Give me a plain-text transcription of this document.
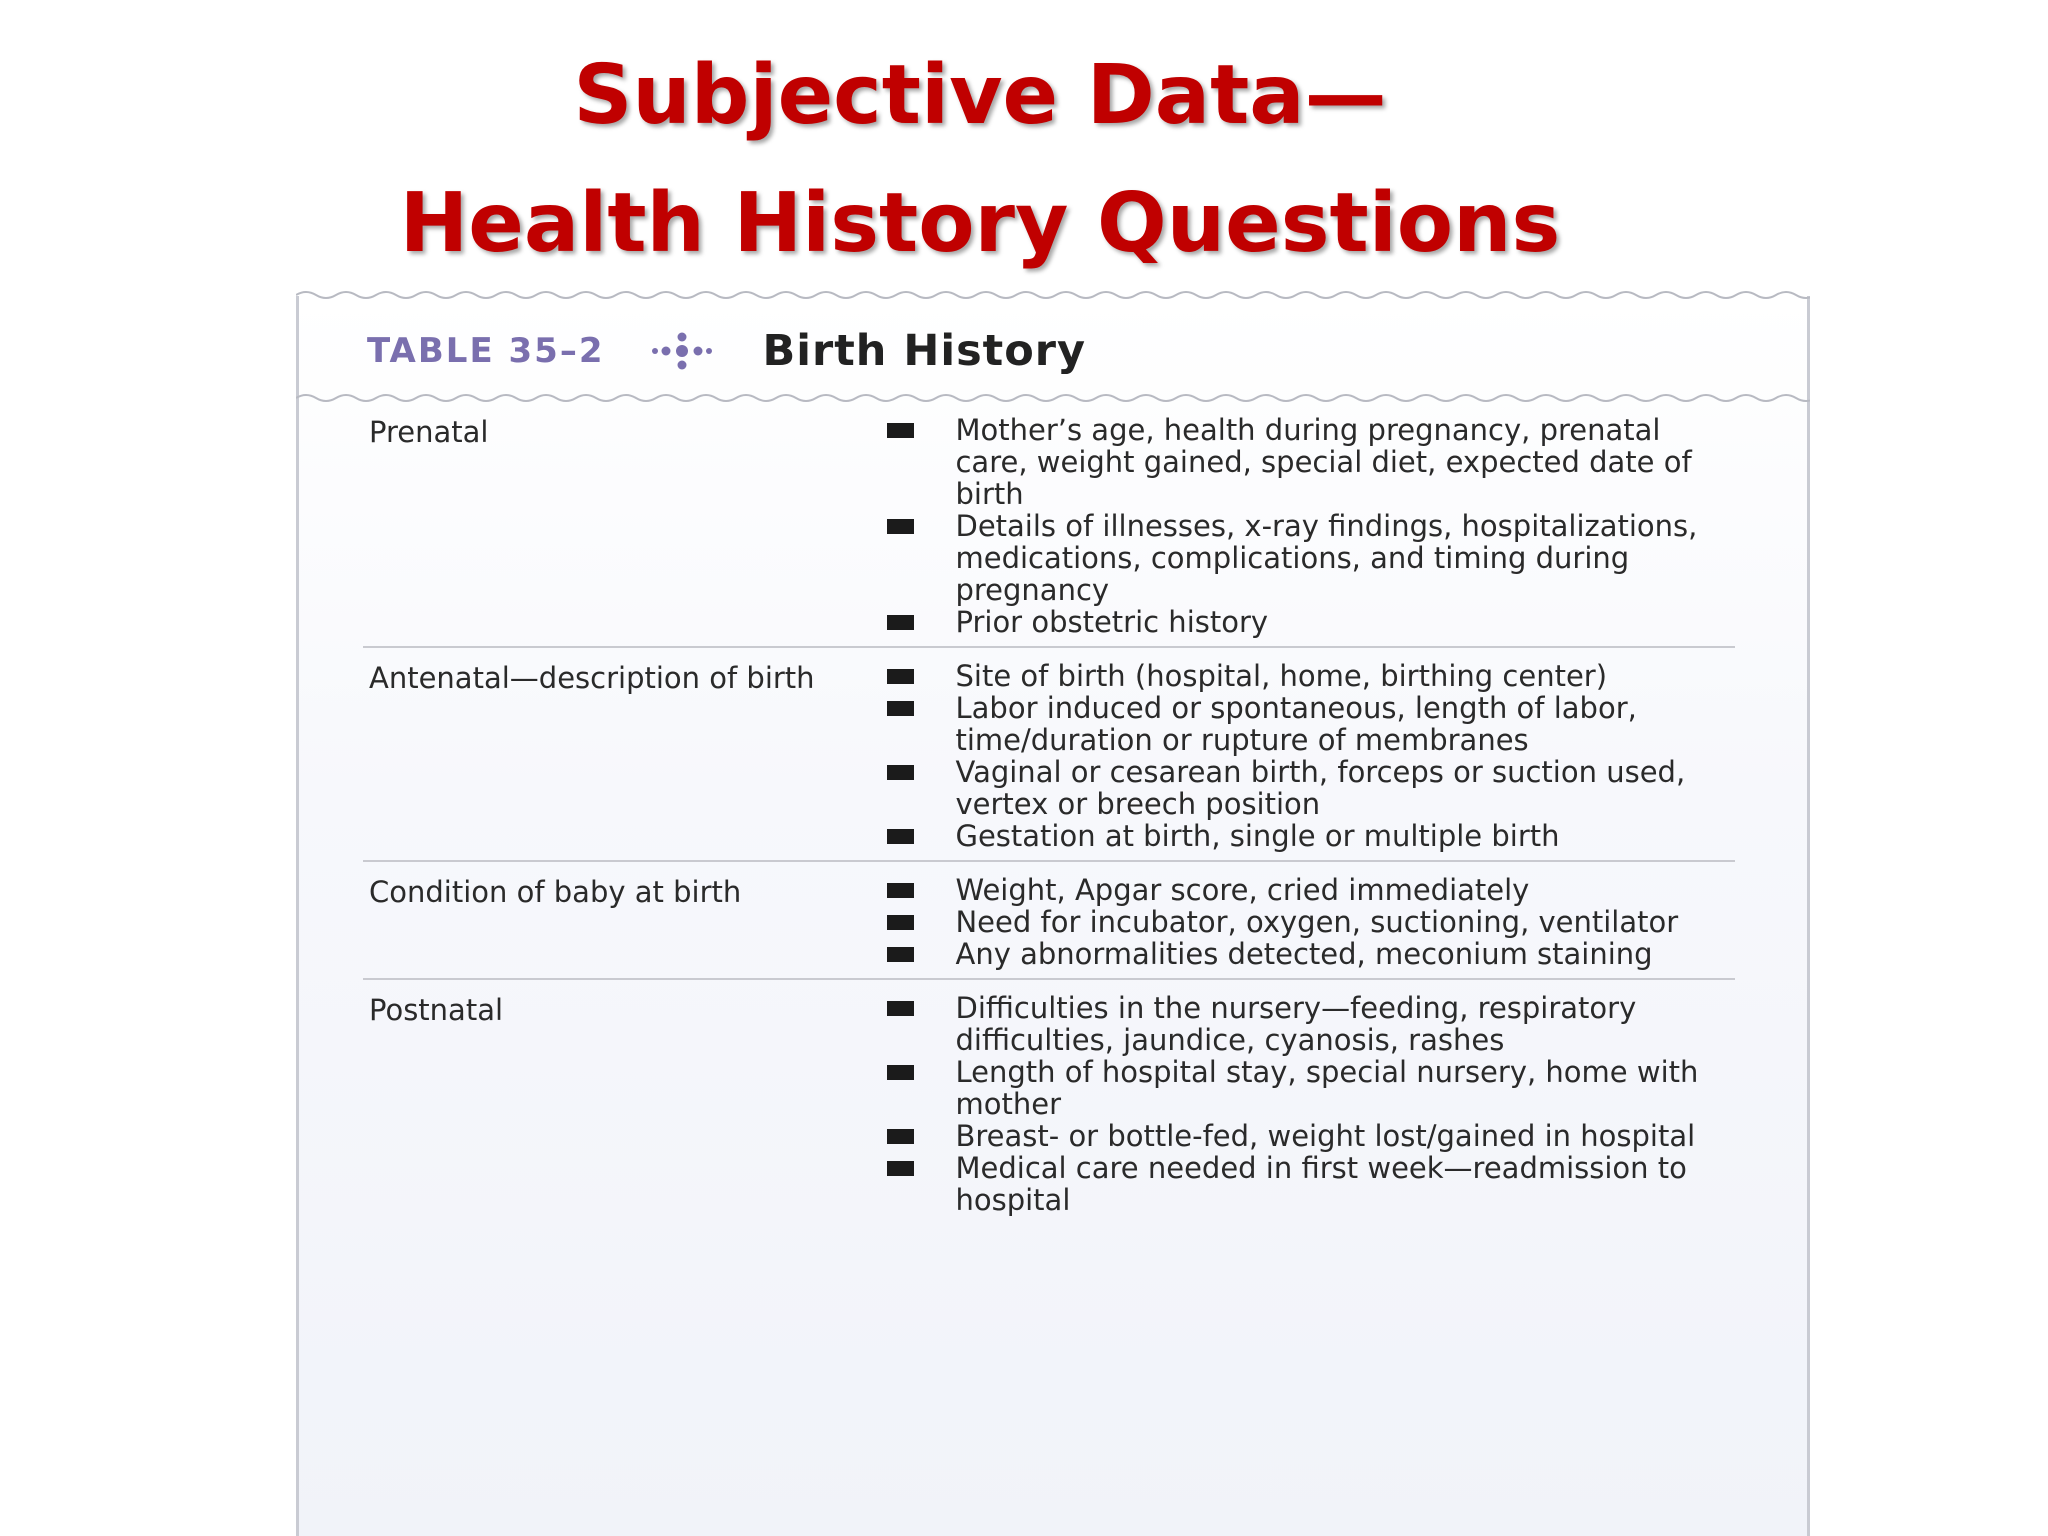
Subjective Data—
Health History Questions
TABLE 35–2	Birth History
Prenatal	Mother’s age, health during pregnancy, prenatal care, weight gained, special diet, expected date of birth
Details of illnesses, x-ray findings, hospitalizations, medications, complications, and timing during pregnancy
Prior obstetric history
Antenatal—description of birth	Site of birth (hospital, home, birthing center)
Labor induced or spontaneous, length of labor, time/duration or rupture of membranes
Vaginal or cesarean birth, forceps or suction used, vertex or breech position
Gestation at birth, single or multiple birth
Condition of baby at birth	Weight, Apgar score, cried immediately
Need for incubator, oxygen, suctioning, ventilator
Any abnormalities detected, meconium staining
Postnatal	Difficulties in the nursery—feeding, respiratory difficulties, jaundice, cyanosis, rashes
Length of hospital stay, special nursery, home with mother
Breast- or bottle-fed, weight lost/gained in hospital
Medical care needed in first week—readmission to hospital
